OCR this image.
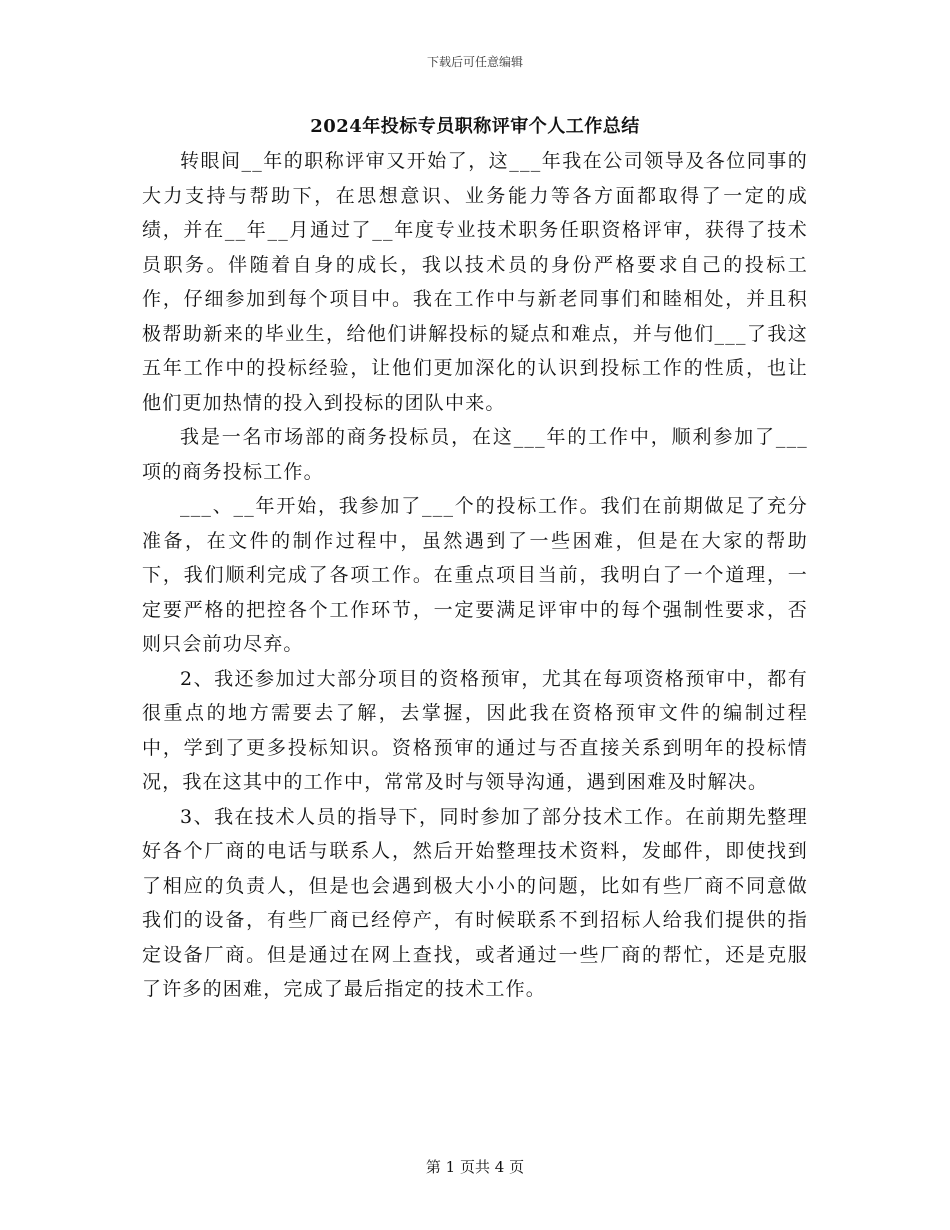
下载后可任意编辑
2024年投标专员职称评审个人工作总结

转眼间__年的职称评审又开始了，这___年我在公司领导及各位同事的大力支持与帮助下，在思想意识、业务能力等各方面都取得了一定的成绩，并在__年__月通过了__年度专业技术职务任职资格评审，获得了技术员职务。伴随着自身的成长，我以技术员的身份严格要求自己的投标工作，仔细参加到每个项目中。我在工作中与新老同事们和睦相处，并且积极帮助新来的毕业生，给他们讲解投标的疑点和难点，并与他们___了我这五年工作中的投标经验，让他们更加深化的认识到投标工作的性质，也让他们更加热情的投入到投标的团队中来。

我是一名市场部的商务投标员，在这___年的工作中，顺利参加了___项的商务投标工作。

___、__年开始，我参加了___个的投标工作。我们在前期做足了充分准备，在文件的制作过程中，虽然遇到了一些困难，但是在大家的帮助下，我们顺利完成了各项工作。在重点项目当前，我明白了一个道理，一定要严格的把控各个工作环节，一定要满足评审中的每个强制性要求，否则只会前功尽弃。

2、我还参加过大部分项目的资格预审，尤其在每项资格预审中，都有很重点的地方需要去了解，去掌握，因此我在资格预审文件的编制过程中，学到了更多投标知识。资格预审的通过与否直接关系到明年的投标情况，我在这其中的工作中，常常及时与领导沟通，遇到困难及时解决。

3、我在技术人员的指导下，同时参加了部分技术工作。在前期先整理好各个厂商的电话与联系人，然后开始整理技术资料，发邮件，即使找到了相应的负责人，但是也会遇到极大小小的问题，比如有些厂商不同意做我们的设备，有些厂商已经停产，有时候联系不到招标人给我们提供的指定设备厂商。但是通过在网上查找，或者通过一些厂商的帮忙，还是克服了许多的困难，完成了最后指定的技术工作。

第 1 页共 4 页
